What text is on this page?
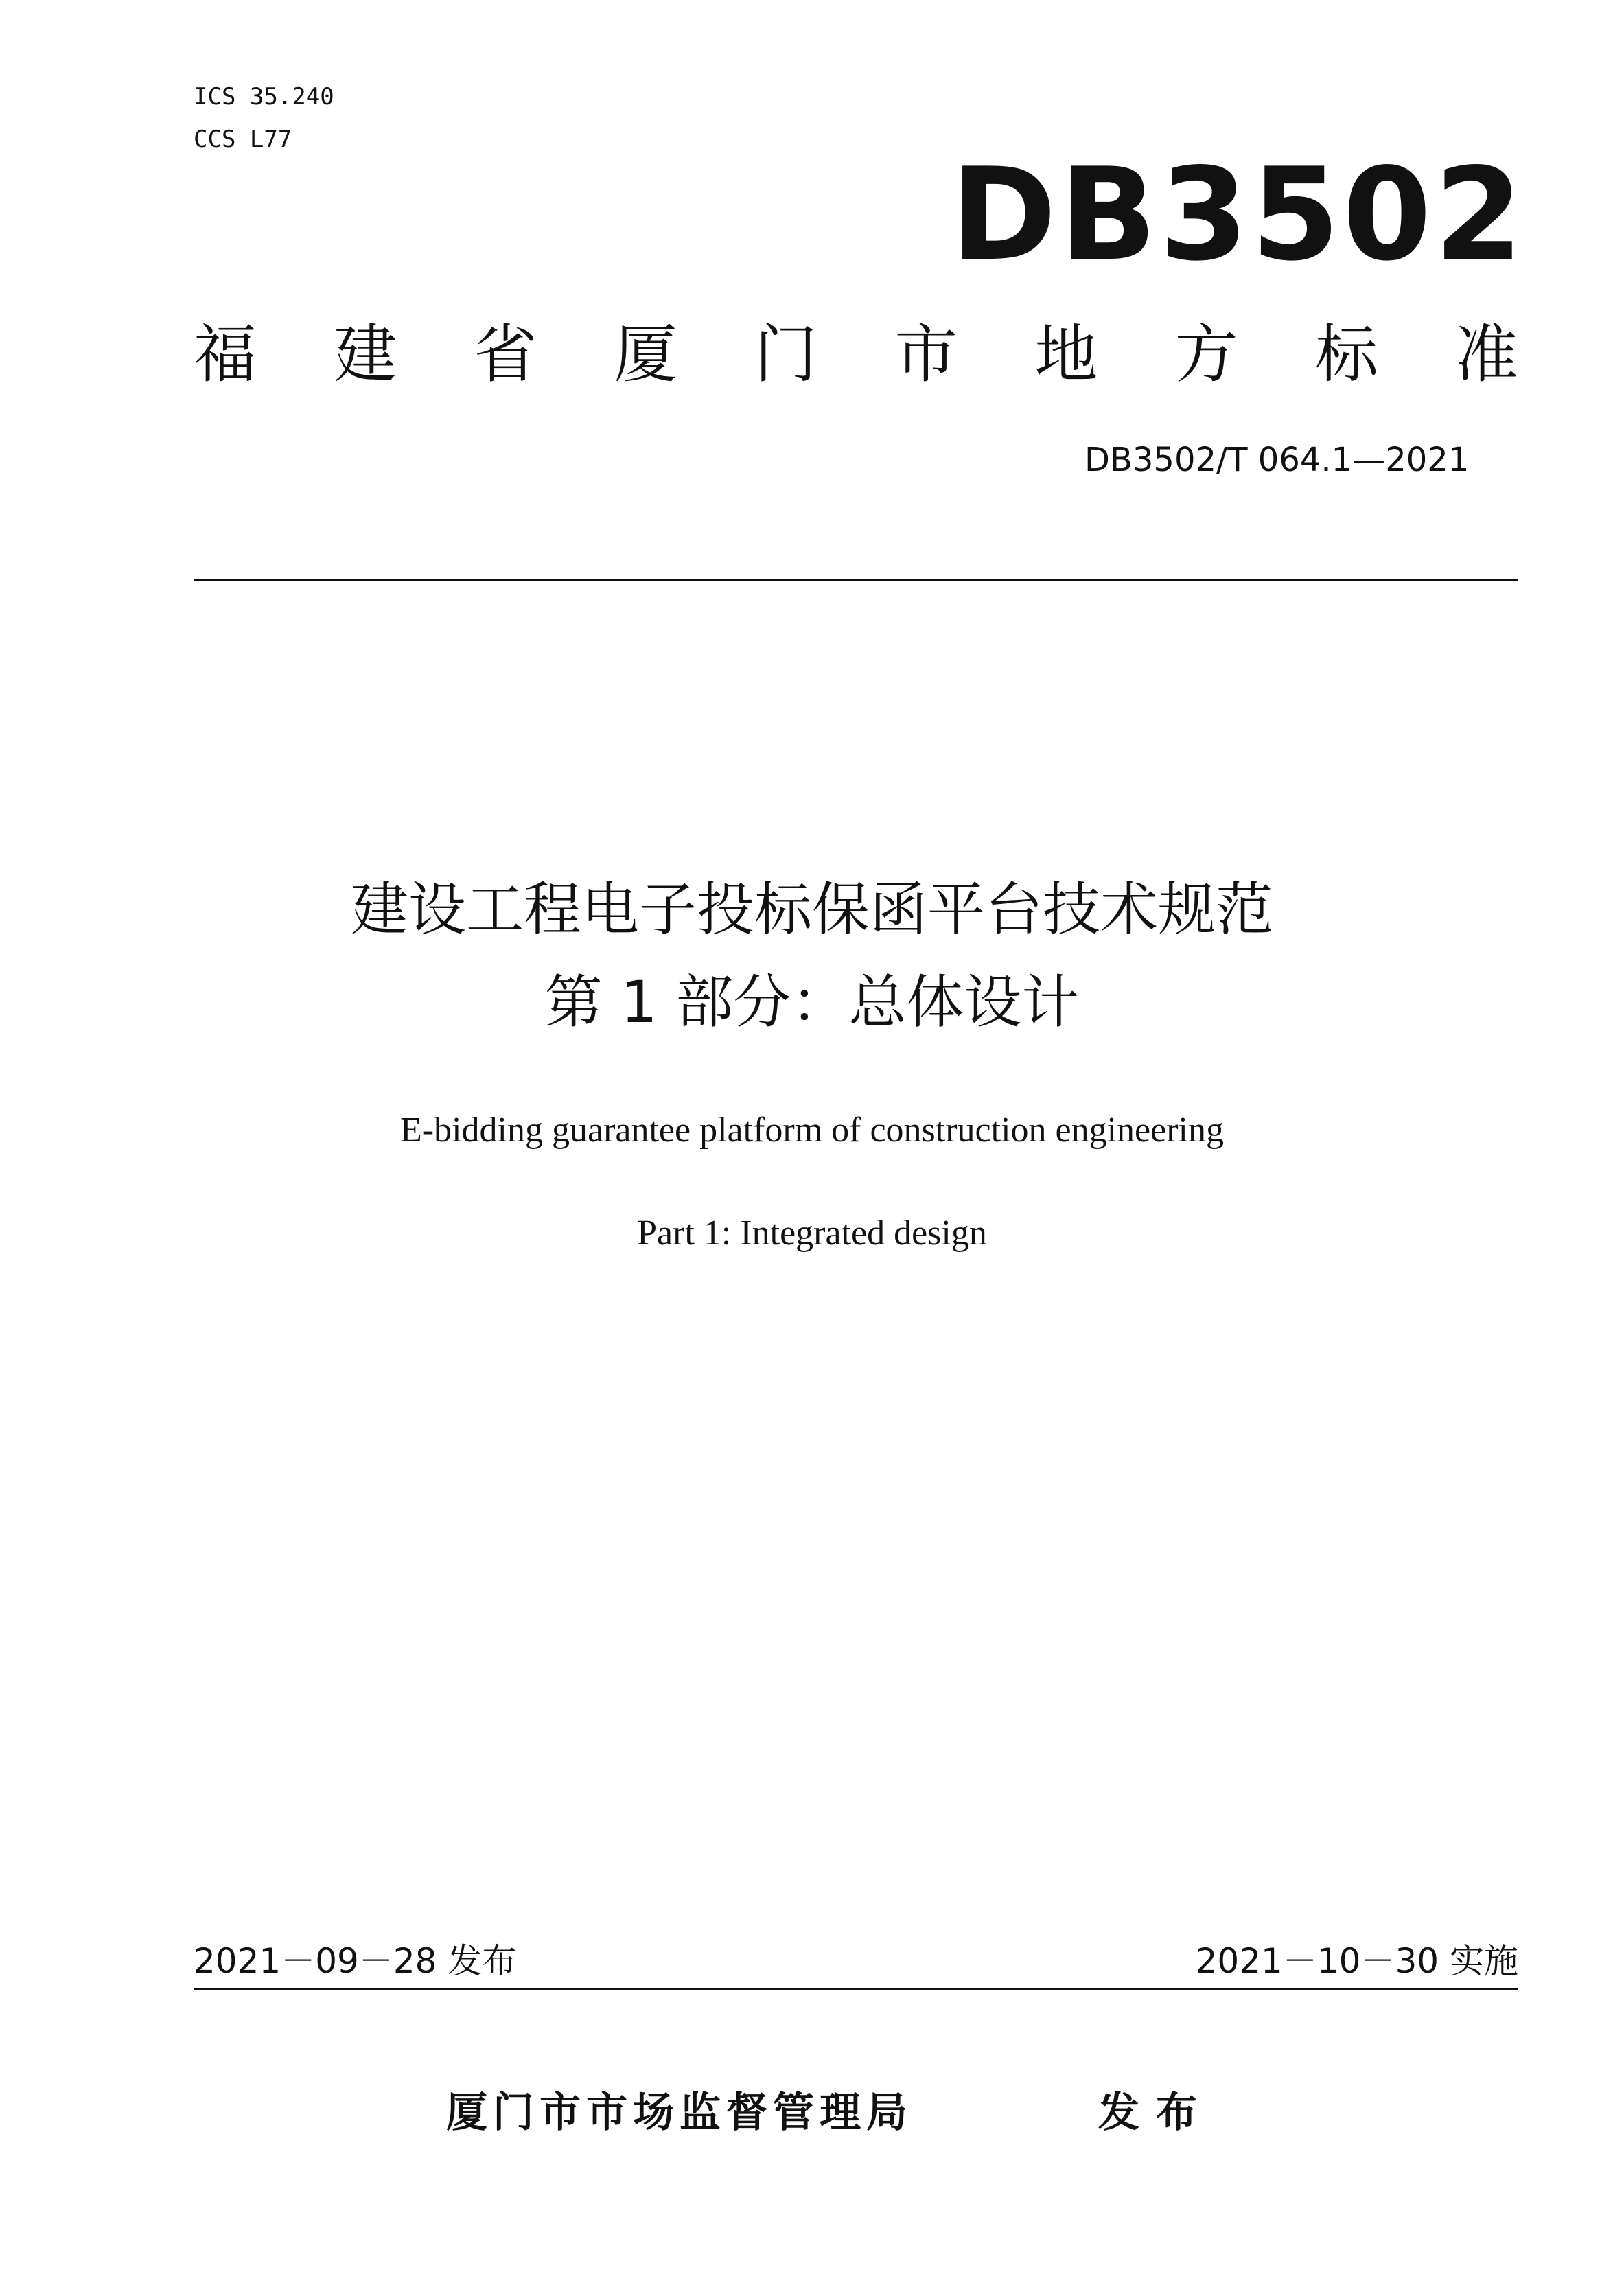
ICS 35.240
CCS L77
DB3502
福 建 省 厦 门 市 地 方 标 准
DB3502/T 064.1—2021
建设工程电子投标保函平台技术规范
第 1 部分：总体设计
E-bidding guarantee platform of construction engineering
Part 1: Integrated design
2021－09－28 发布	2021－10－30 实施
厦门市市场监督管理局	发布
